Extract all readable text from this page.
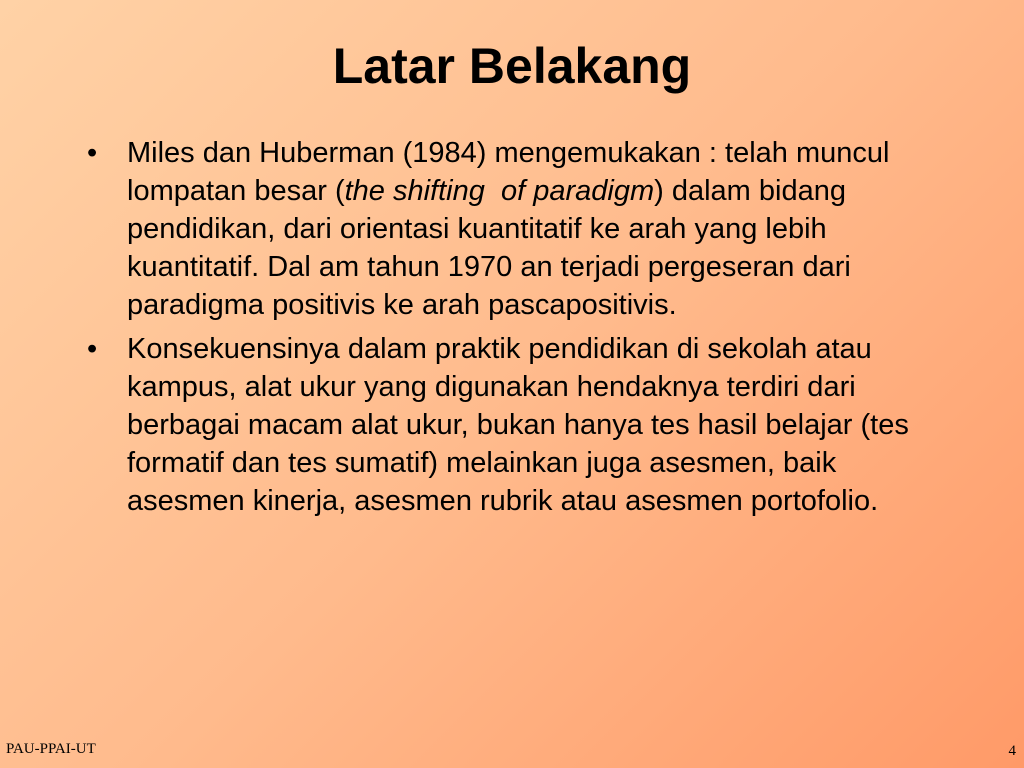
Latar Belakang
• Miles dan Huberman (1984) mengemukakan : telah muncul lompatan besar (the shifting  of paradigm) dalam bidang pendidikan, dari orientasi kuantitatif ke arah yang lebih kuantitatif. Dal am tahun 1970 an terjadi pergeseran dari paradigma positivis ke arah pascapositivis.
• Konsekuensinya dalam praktik pendidikan di sekolah atau kampus, alat ukur yang digunakan hendaknya terdiri dari berbagai macam alat ukur, bukan hanya tes hasil belajar (tes formatif dan tes sumatif) melainkan juga asesmen, baik asesmen kinerja, asesmen rubrik atau asesmen portofolio.
PAU-PPAI-UT	4
